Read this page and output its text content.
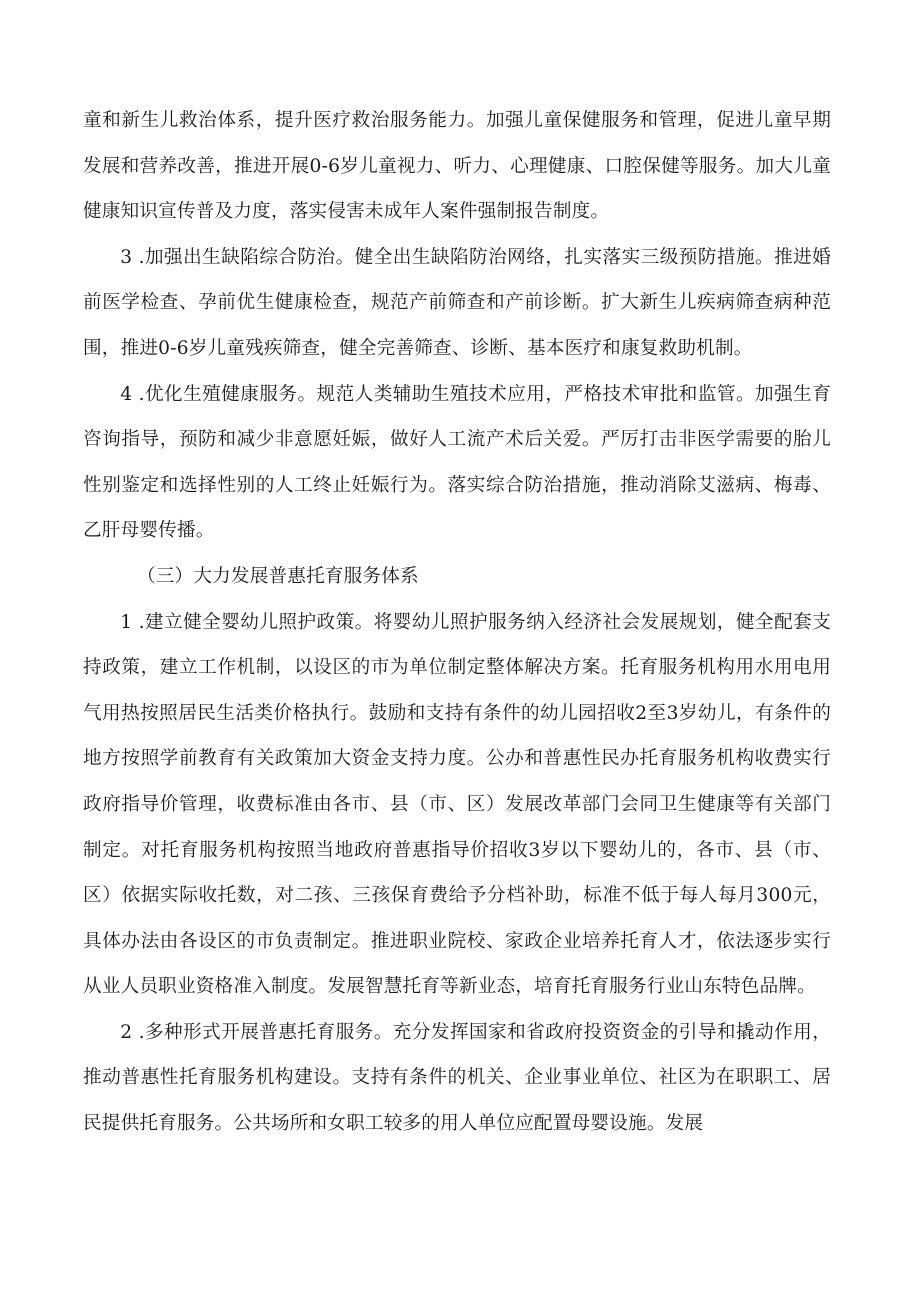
童和新生儿救治体系，提升医疗救治服务能力。加强儿童保健服务和管理，促进儿童早期发展和营养改善，推进开展0-6岁儿童视力、听力、心理健康、口腔保健等服务。加大儿童健康知识宣传普及力度，落实侵害未成年人案件强制报告制度。

3 .加强出生缺陷综合防治。健全出生缺陷防治网络，扎实落实三级预防措施。推进婚前医学检查、孕前优生健康检查，规范产前筛查和产前诊断。扩大新生儿疾病筛查病种范围，推进0-6岁儿童残疾筛查，健全完善筛查、诊断、基本医疗和康复救助机制。

4 .优化生殖健康服务。规范人类辅助生殖技术应用，严格技术审批和监管。加强生育咨询指导，预防和减少非意愿妊娠，做好人工流产术后关爱。严厉打击非医学需要的胎儿性别鉴定和选择性别的人工终止妊娠行为。落实综合防治措施，推动消除艾滋病、梅毒、乙肝母婴传播。

（三）大力发展普惠托育服务体系

1 .建立健全婴幼儿照护政策。将婴幼儿照护服务纳入经济社会发展规划，健全配套支持政策，建立工作机制，以设区的市为单位制定整体解决方案。托育服务机构用水用电用气用热按照居民生活类价格执行。鼓励和支持有条件的幼儿园招收2至3岁幼儿，有条件的地方按照学前教育有关政策加大资金支持力度。公办和普惠性民办托育服务机构收费实行政府指导价管理，收费标准由各市、县（市、区）发展改革部门会同卫生健康等有关部门制定。对托育服务机构按照当地政府普惠指导价招收3岁以下婴幼儿的，各市、县（市、区）依据实际收托数，对二孩、三孩保育费给予分档补助，标准不低于每人每月300元，具体办法由各设区的市负责制定。推进职业院校、家政企业培养托育人才，依法逐步实行从业人员职业资格准入制度。发展智慧托育等新业态，培育托育服务行业山东特色品牌。

2 .多种形式开展普惠托育服务。充分发挥国家和省政府投资资金的引导和撬动作用，推动普惠性托育服务机构建设。支持有条件的机关、企业事业单位、社区为在职职工、居民提供托育服务。公共场所和女职工较多的用人单位应配置母婴设施。发展
